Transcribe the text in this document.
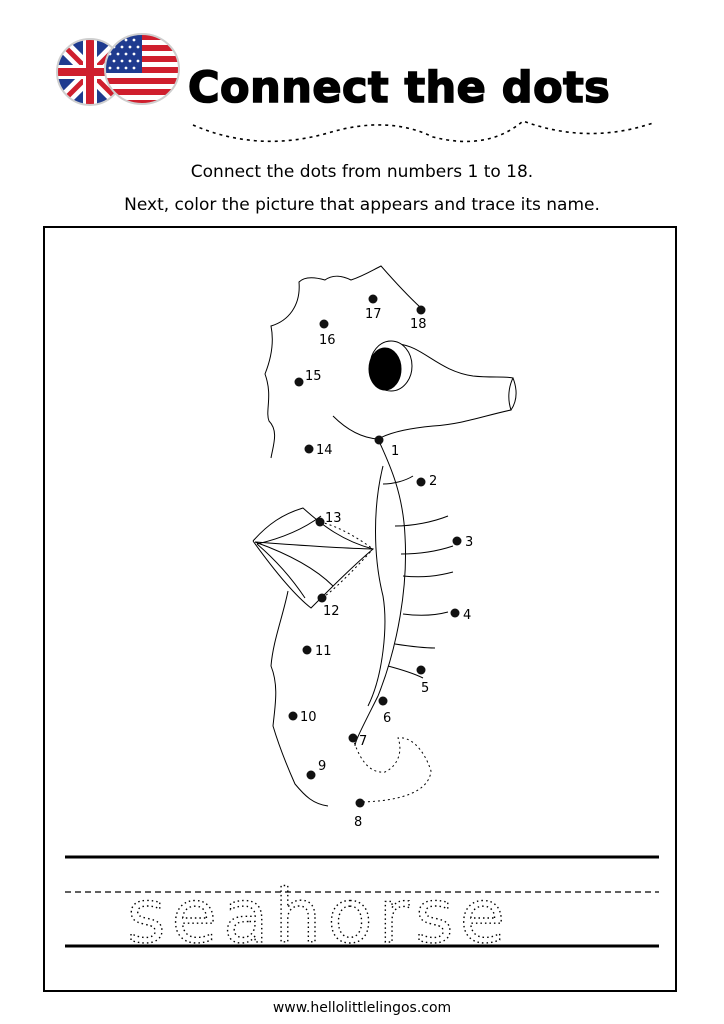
Connect the dots
Connect the dots from numbers 1 to 18.
Next, color the picture that appears and trace its name.
1
2
3
4
5
6
7
8
9
10
11
12
13
14
15
16
17
18
seahorse
www.hellolittlelingos.com
